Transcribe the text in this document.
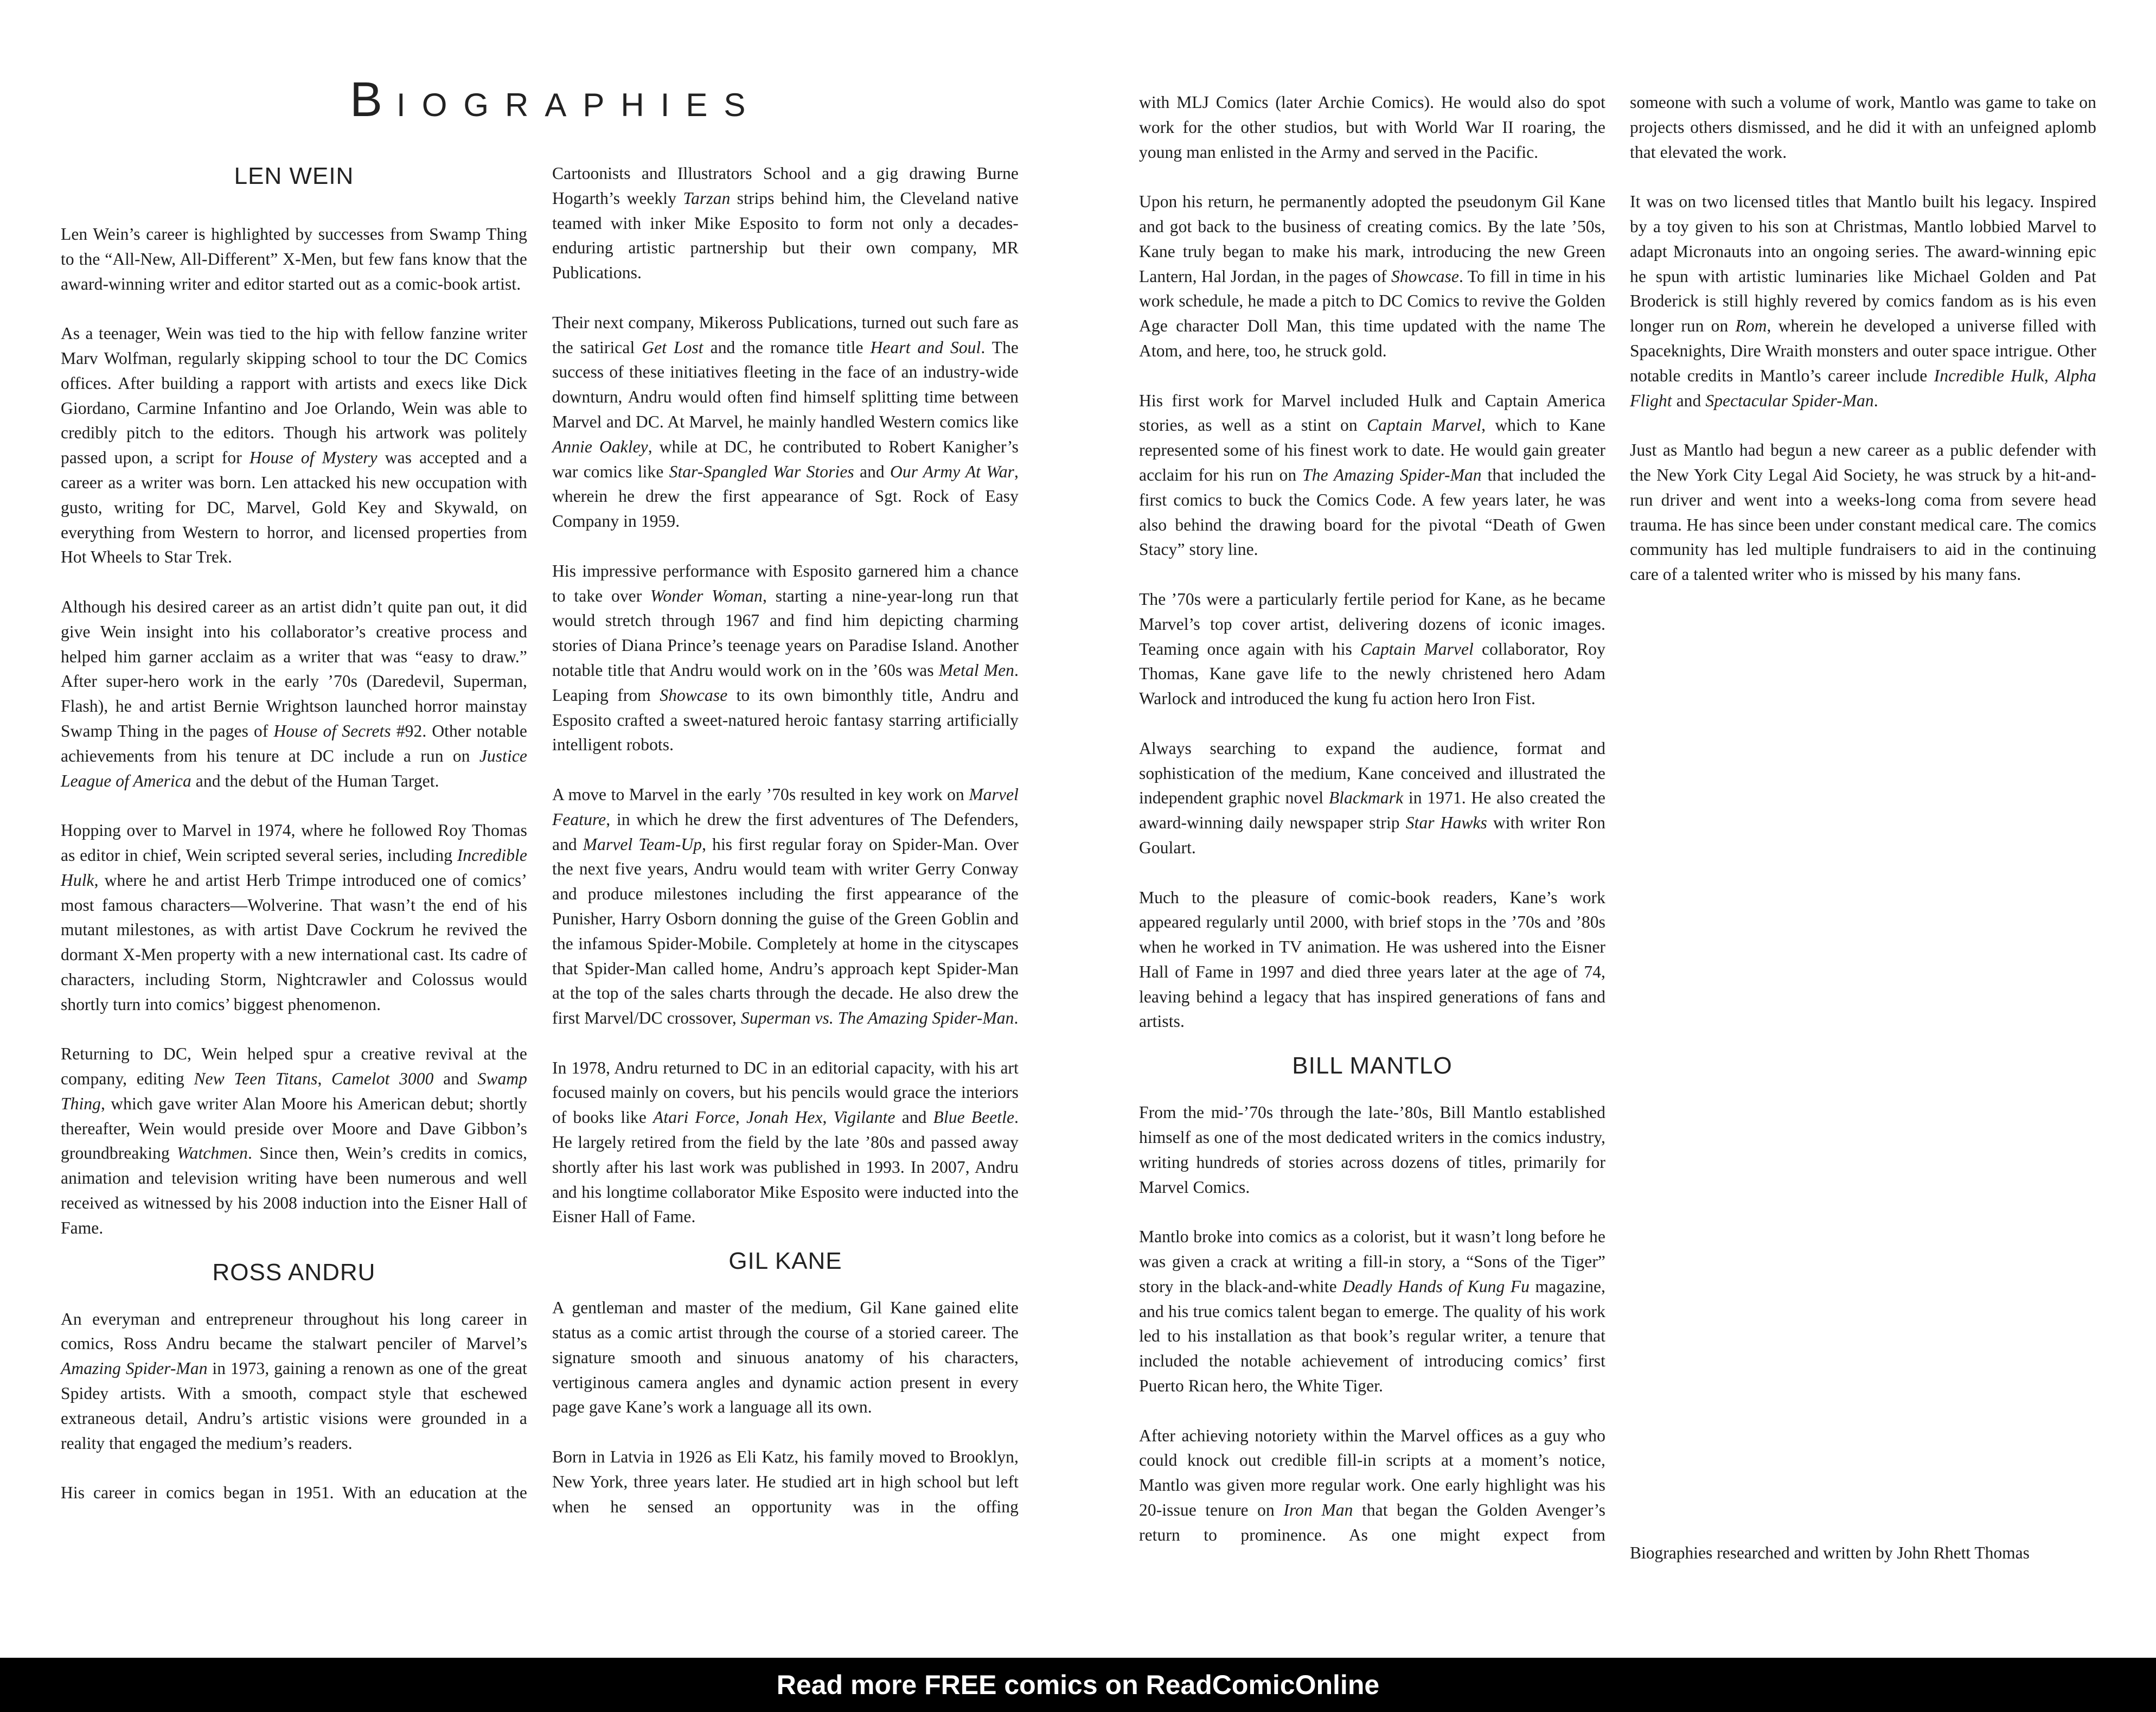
BIOGRAPHIES
LEN WEIN

Len Wein’s career is highlighted by successes from Swamp Thing to the “All-New, All-Different” X-Men, but few fans know that the award-winning writer and editor started out as a comic-book artist.

As a teenager, Wein was tied to the hip with fellow fanzine writer Marv Wolfman, regularly skipping school to tour the DC Comics offices. After building a rapport with artists and execs like Dick Giordano, Carmine Infantino and Joe Orlando, Wein was able to credibly pitch to the editors. Though his artwork was politely passed upon, a script for House of Mystery was accepted and a career as a writer was born. Len attacked his new occupation with gusto, writing for DC, Marvel, Gold Key and Skywald, on everything from Western to horror, and licensed properties from Hot Wheels to Star Trek.

Although his desired career as an artist didn’t quite pan out, it did give Wein insight into his collaborator’s creative process and helped him garner acclaim as a writer that was “easy to draw.” After super-hero work in the early ’70s (Daredevil, Superman, Flash), he and artist Bernie Wrightson launched horror mainstay Swamp Thing in the pages of House of Secrets #92. Other notable achievements from his tenure at DC include a run on Justice League of America and the debut of the Human Target.

Hopping over to Marvel in 1974, where he followed Roy Thomas as editor in chief, Wein scripted several series, including Incredible Hulk, where he and artist Herb Trimpe introduced one of comics’ most famous characters—Wolverine. That wasn’t the end of his mutant milestones, as with artist Dave Cockrum he revived the dormant X-Men property with a new international cast. Its cadre of characters, including Storm, Nightcrawler and Colossus would shortly turn into comics’ biggest phenomenon.

Returning to DC, Wein helped spur a creative revival at the company, editing New Teen Titans, Camelot 3000 and Swamp Thing, which gave writer Alan Moore his American debut; shortly thereafter, Wein would preside over Moore and Dave Gibbon’s groundbreaking Watchmen. Since then, Wein’s credits in comics, animation and television writing have been numerous and well received as witnessed by his 2008 induction into the Eisner Hall of Fame.

ROSS ANDRU

An everyman and entrepreneur throughout his long career in comics, Ross Andru became the stalwart penciler of Marvel’s Amazing Spider-Man in 1973, gaining a renown as one of the great Spidey artists. With a smooth, compact style that eschewed extraneous detail, Andru’s artistic visions were grounded in a reality that engaged the medium’s readers.

His career in comics began in 1951. With an education at the

Cartoonists and Illustrators School and a gig drawing Burne Hogarth’s weekly Tarzan strips behind him, the Cleveland native teamed with inker Mike Esposito to form not only a decades-enduring artistic partnership but their own company, MR Publications.

Their next company, Mikeross Publications, turned out such fare as the satirical Get Lost and the romance title Heart and Soul. The success of these initiatives fleeting in the face of an industry-wide downturn, Andru would often find himself splitting time between Marvel and DC. At Marvel, he mainly handled Western comics like Annie Oakley, while at DC, he contributed to Robert Kanigher’s war comics like Star-Spangled War Stories and Our Army At War, wherein he drew the first appearance of Sgt. Rock of Easy Company in 1959.

His impressive performance with Esposito garnered him a chance to take over Wonder Woman, starting a nine-year-long run that would stretch through 1967 and find him depicting charming stories of Diana Prince’s teenage years on Paradise Island. Another notable title that Andru would work on in the ’60s was Metal Men. Leaping from Showcase to its own bimonthly title, Andru and Esposito crafted a sweet-natured heroic fantasy starring artificially intelligent robots.

A move to Marvel in the early ’70s resulted in key work on Marvel Feature, in which he drew the first adventures of The Defenders, and Marvel Team-Up, his first regular foray on Spider-Man. Over the next five years, Andru would team with writer Gerry Conway and produce milestones including the first appearance of the Punisher, Harry Osborn donning the guise of the Green Goblin and the infamous Spider-Mobile. Completely at home in the cityscapes that Spider-Man called home, Andru’s approach kept Spider-Man at the top of the sales charts through the decade. He also drew the first Marvel/DC crossover, Superman vs. The Amazing Spider-Man.

In 1978, Andru returned to DC in an editorial capacity, with his art focused mainly on covers, but his pencils would grace the interiors of books like Atari Force, Jonah Hex, Vigilante and Blue Beetle. He largely retired from the field by the late ’80s and passed away shortly after his last work was published in 1993. In 2007, Andru and his longtime collaborator Mike Esposito were inducted into the Eisner Hall of Fame.

GIL KANE

A gentleman and master of the medium, Gil Kane gained elite status as a comic artist through the course of a storied career. The signature smooth and sinuous anatomy of his characters, vertiginous camera angles and dynamic action present in every page gave Kane’s work a language all its own.

Born in Latvia in 1926 as Eli Katz, his family moved to Brooklyn, New York, three years later. He studied art in high school but left when he sensed an opportunity was in the offing

with MLJ Comics (later Archie Comics). He would also do spot work for the other studios, but with World War II roaring, the young man enlisted in the Army and served in the Pacific.

Upon his return, he permanently adopted the pseudonym Gil Kane and got back to the business of creating comics. By the late ’50s, Kane truly began to make his mark, introducing the new Green Lantern, Hal Jordan, in the pages of Showcase. To fill in time in his work schedule, he made a pitch to DC Comics to revive the Golden Age character Doll Man, this time updated with the name The Atom, and here, too, he struck gold.

His first work for Marvel included Hulk and Captain America stories, as well as a stint on Captain Marvel, which to Kane represented some of his finest work to date. He would gain greater acclaim for his run on The Amazing Spider-Man that included the first comics to buck the Comics Code. A few years later, he was also behind the drawing board for the pivotal “Death of Gwen Stacy” story line.

The ’70s were a particularly fertile period for Kane, as he became Marvel’s top cover artist, delivering dozens of iconic images. Teaming once again with his Captain Marvel collaborator, Roy Thomas, Kane gave life to the newly christened hero Adam Warlock and introduced the kung fu action hero Iron Fist.

Always searching to expand the audience, format and sophistication of the medium, Kane conceived and illustrated the independent graphic novel Blackmark in 1971. He also created the award-winning daily newspaper strip Star Hawks with writer Ron Goulart.

Much to the pleasure of comic-book readers, Kane’s work appeared regularly until 2000, with brief stops in the ’70s and ’80s when he worked in TV animation. He was ushered into the Eisner Hall of Fame in 1997 and died three years later at the age of 74, leaving behind a legacy that has inspired generations of fans and artists.

BILL MANTLO

From the mid-’70s through the late-’80s, Bill Mantlo established himself as one of the most dedicated writers in the comics industry, writing hundreds of stories across dozens of titles, primarily for Marvel Comics.

Mantlo broke into comics as a colorist, but it wasn’t long before he was given a crack at writing a fill-in story, a “Sons of the Tiger” story in the black-and-white Deadly Hands of Kung Fu magazine, and his true comics talent began to emerge. The quality of his work led to his installation as that book’s regular writer, a tenure that included the notable achievement of introducing comics’ first Puerto Rican hero, the White Tiger.

After achieving notoriety within the Marvel offices as a guy who could knock out credible fill-in scripts at a moment’s notice, Mantlo was given more regular work. One early highlight was his 20-issue tenure on Iron Man that began the Golden Avenger’s return to prominence. As one might expect from

someone with such a volume of work, Mantlo was game to take on projects others dismissed, and he did it with an unfeigned aplomb that elevated the work.

It was on two licensed titles that Mantlo built his legacy. Inspired by a toy given to his son at Christmas, Mantlo lobbied Marvel to adapt Micronauts into an ongoing series. The award-winning epic he spun with artistic luminaries like Michael Golden and Pat Broderick is still highly revered by comics fandom as is his even longer run on Rom, wherein he developed a universe filled with Spaceknights, Dire Wraith monsters and outer space intrigue. Other notable credits in Mantlo’s career include Incredible Hulk, Alpha Flight and Spectacular Spider-Man.

Just as Mantlo had begun a new career as a public defender with the New York City Legal Aid Society, he was struck by a hit-and-run driver and went into a weeks-long coma from severe head trauma. He has since been under constant medical care. The comics community has led multiple fundraisers to aid in the continuing care of a talented writer who is missed by his many fans.

Biographies researched and written by John Rhett Thomas
Read more FREE comics on ReadComicOnline
